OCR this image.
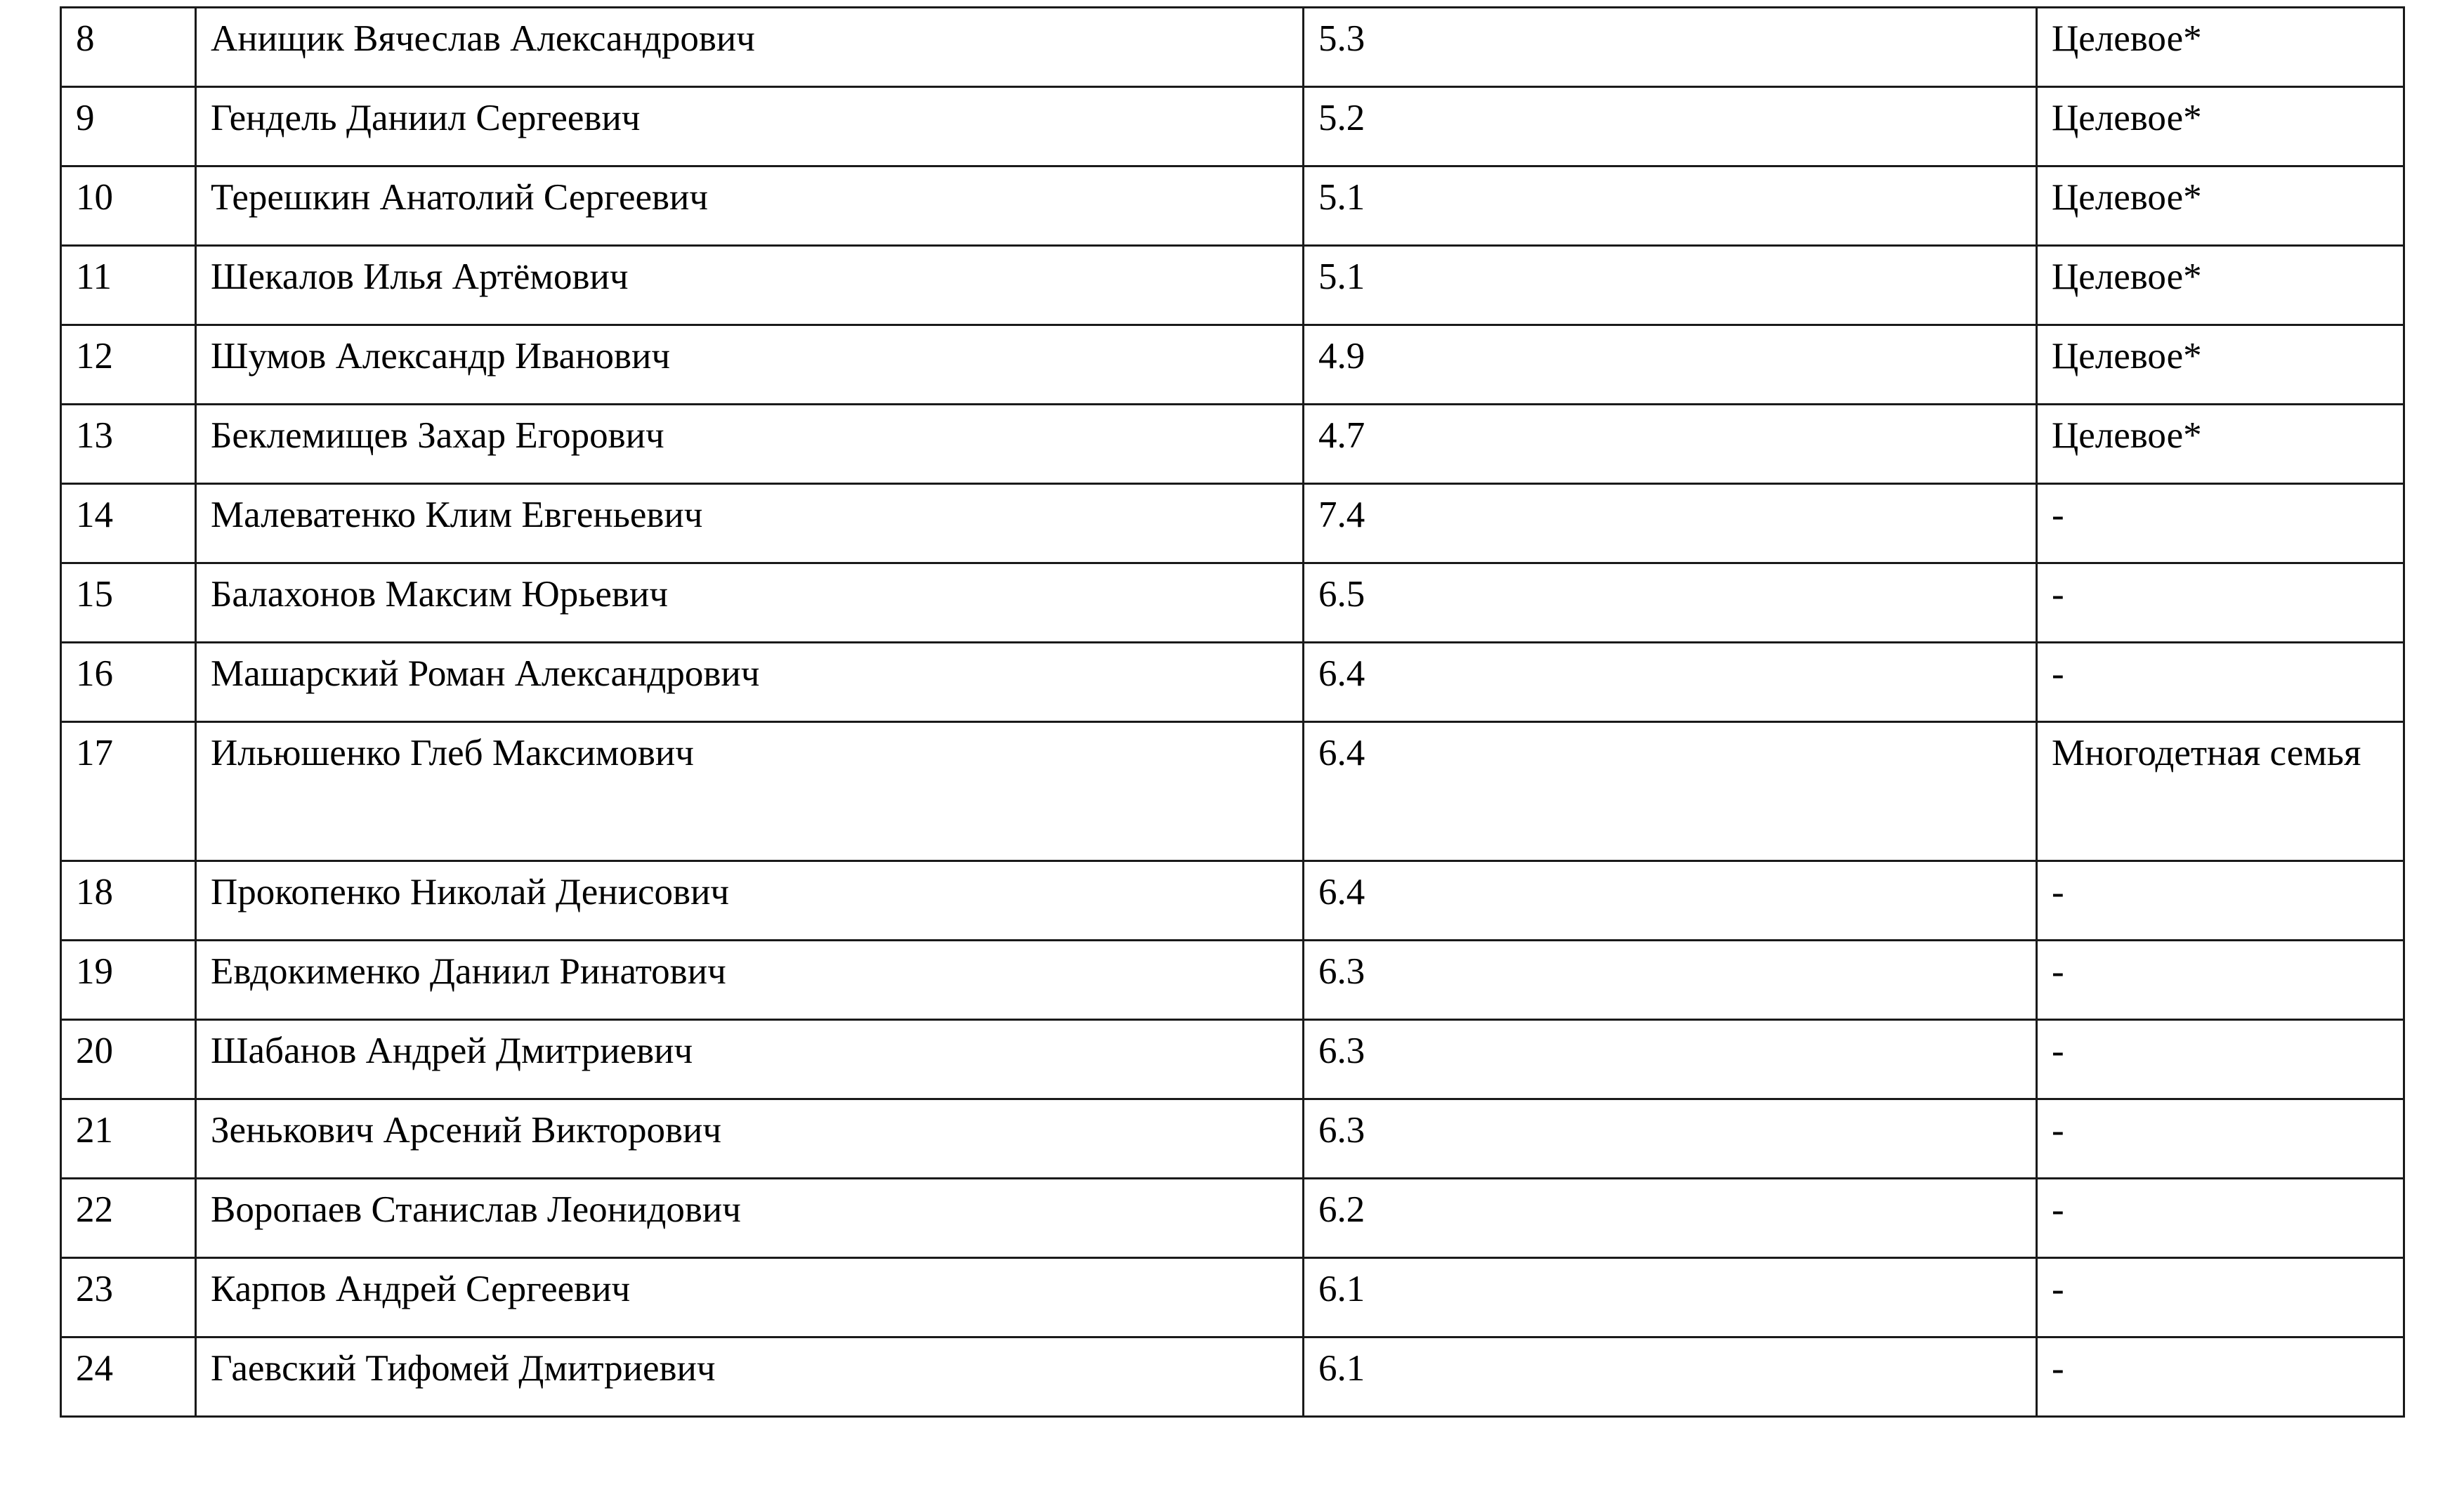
8	Анищик Вячеслав Александрович	5.3	Целевое*
9	Гендель Даниил Сергеевич	5.2	Целевое*
10	Терешкин Анатолий Сергеевич	5.1	Целевое*
11	Шекалов Илья Артёмович	5.1	Целевое*
12	Шумов Александр Иванович	4.9	Целевое*
13	Беклемищев Захар Егорович	4.7	Целевое*
14	Малеватенко Клим Евгеньевич	7.4	-
15	Балахонов Максим Юрьевич	6.5	-
16	Машарский Роман Александрович	6.4	-
17	Ильюшенко Глеб Максимович	6.4	Многодетная семья
18	Прокопенко Николай Денисович	6.4	-
19	Евдокименко Даниил Ринатович	6.3	-
20	Шабанов Андрей Дмитриевич	6.3	-
21	Зенькович Арсений Викторович	6.3	-
22	Воропаев Станислав Леонидович	6.2	-
23	Карпов Андрей Сергеевич	6.1	-
24	Гаевский Тифомей Дмитриевич	6.1	-
